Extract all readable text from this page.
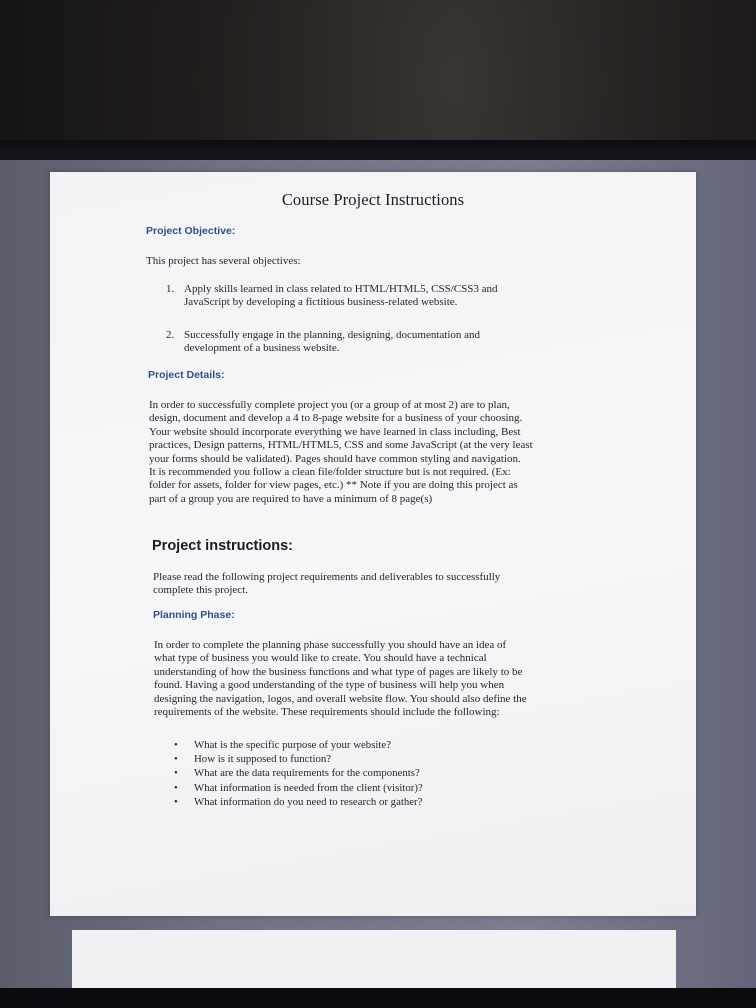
Course Project Instructions
Project Objective:

This project has several objectives:

1. Apply skills learned in class related to HTML/HTML5, CSS/CSS3 and
JavaScript by developing a fictitious business-related website.
2. Successfully engage in the planning, designing, documentation and
development of a business website.
Project Details:
In order to successfully complete project you (or a group of at most 2) are to plan,
design, document and develop a 4 to 8-page website for a business of your choosing.
Your website should incorporate everything we have learned in class including, Best
practices, Design patterns, HTML/HTML5, CSS and some JavaScript (at the very least
your forms should be validated). Pages should have common styling and navigation.
It is recommended you follow a clean file/folder structure but is not required. (Ex:
folder for assets, folder for view pages, etc.) ** Note if you are doing this project as
part of a group you are required to have a minimum of 8 page(s)
Project instructions:
Please read the following project requirements and deliverables to successfully
complete this project.
Planning Phase:
In order to complete the planning phase successfully you should have an idea of
what type of business you would like to create. You should have a technical
understanding of how the business functions and what type of pages are likely to be
found. Having a good understanding of the type of business will help you when
designing the navigation, logos, and overall website flow. You should also define the
requirements of the website. These requirements should include the following:
• What is the specific purpose of your website?
• How is it supposed to function?
• What are the data requirements for the components?
• What information is needed from the client (visitor)?
• What information do you need to research or gather?
